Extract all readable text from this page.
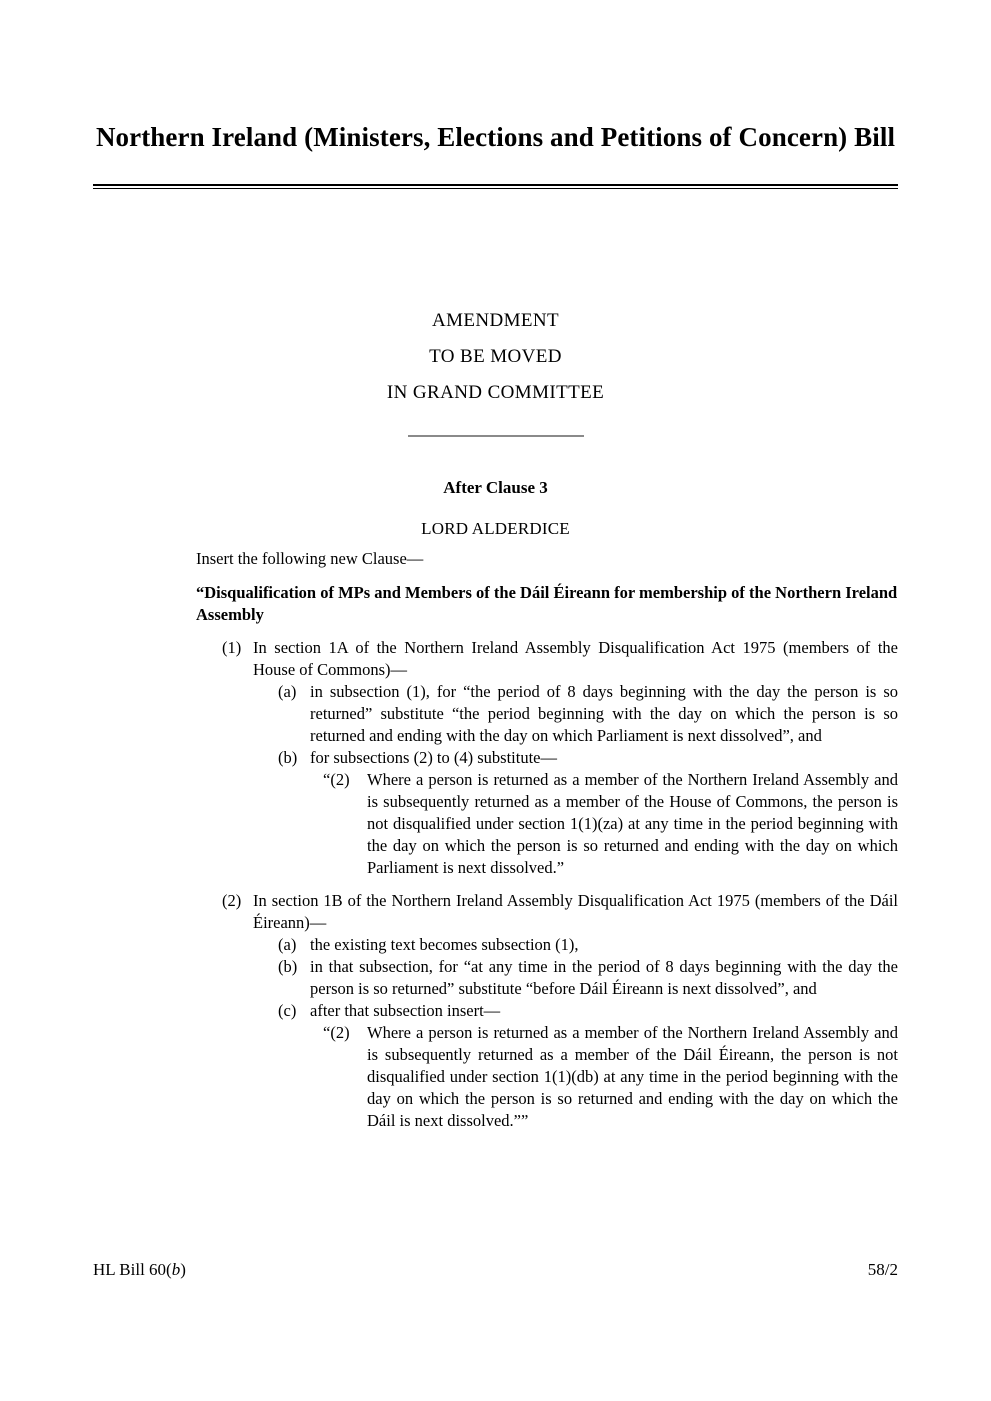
Northern Ireland (Ministers, Elections and Petitions of Concern) Bill
AMENDMENT
TO BE MOVED
IN GRAND COMMITTEE
After Clause 3
LORD ALDERDICE

Insert the following new Clause—

“Disqualification of MPs and Members of the Dáil Éireann for membership of the Northern Ireland Assembly

(1) In section 1A of the Northern Ireland Assembly Disqualification Act 1975 (members of the House of Commons)—
(a) in subsection (1), for “the period of 8 days beginning with the day the person is so returned” substitute “the period beginning with the day on which the person is so returned and ending with the day on which Parliament is next dissolved”, and
(b) for subsections (2) to (4) substitute—
“(2)	Where a person is returned as a member of the Northern Ireland Assembly and is subsequently returned as a member of the House of Commons, the person is not disqualified under section 1(1)(za) at any time in the period beginning with the day on which the person is so returned and ending with the day on which Parliament is next dissolved.”
(2) In section 1B of the Northern Ireland Assembly Disqualification Act 1975 (members of the Dáil Éireann)—
(a) the existing text becomes subsection (1),
(b) in that subsection, for “at any time in the period of 8 days beginning with the day the person is so returned” substitute “before Dáil Éireann is next dissolved”, and
(c) after that subsection insert—
“(2)	Where a person is returned as a member of the Northern Ireland Assembly and is subsequently returned as a member of the Dáil Éireann, the person is not disqualified under section 1(1)(db) at any time in the period beginning with the day on which the person is so returned and ending with the day on which the Dáil is next dissolved.””
HL Bill 60(b)	58/2
